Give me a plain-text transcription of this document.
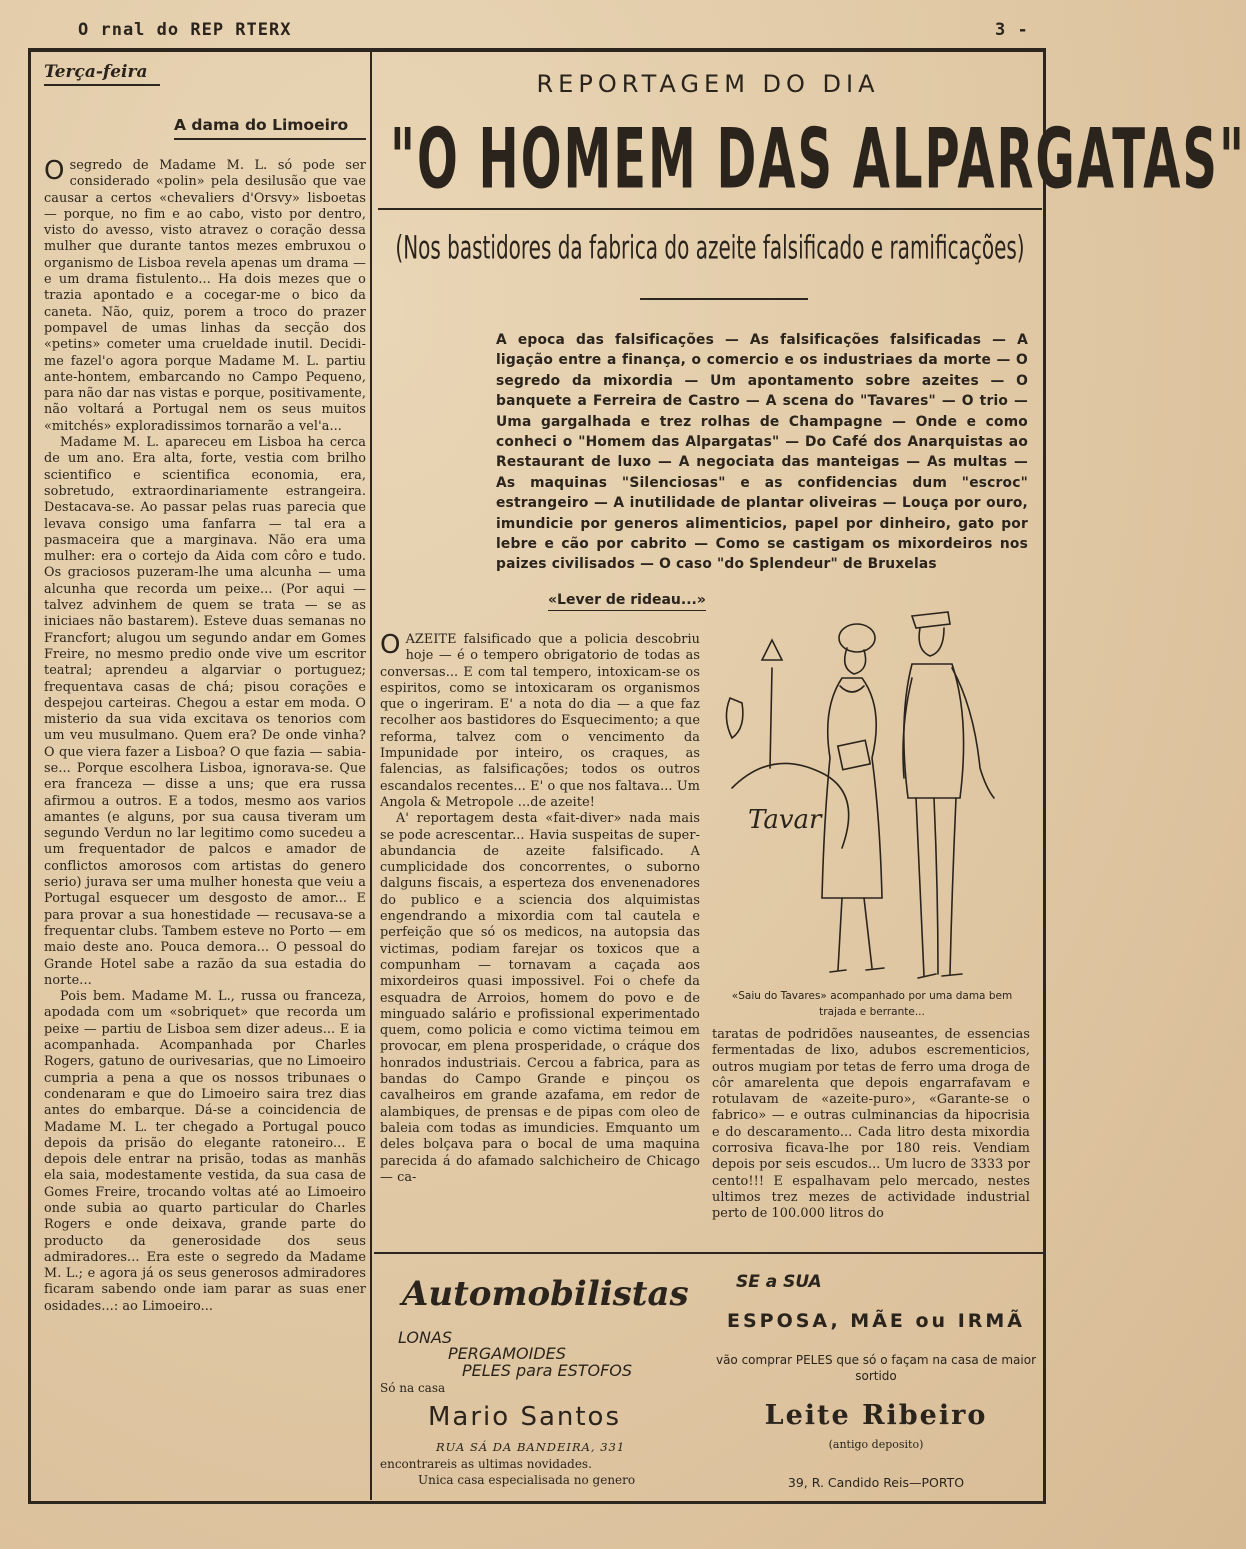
O rnal do REP RTERX	3 -
Terça-feira
A dama do Limoeiro

Osegredo de Madame M. L. só pode ser considerado «polin» pela desilusão que vae causar a certos «chevaliers d'Orsvy» lisboetas — porque, no fim e ao cabo, visto por dentro, visto do avesso, visto atravez o coração dessa mulher que durante tantos mezes embruxou o organismo de Lisboa revela apenas um drama — e um drama fistulento... Ha dois mezes que o trazia apontado e a cocegar-me o bico da caneta. Não, quiz, porem a troco do prazer pompavel de umas linhas da secção dos «petins» cometer uma crueldade inutil. Decidi-me fazel'o agora porque Madame M. L. partiu ante-hontem, embarcando no Campo Pequeno, para não dar nas vistas e porque, positivamente, não voltará a Portugal nem os seus muitos «mitchés» exploradissimos tornarão a vel'a...

Madame M. L. apareceu em Lisboa ha cerca de um ano. Era alta, forte, vestia com brilho scientifico e scientifica economia, era, sobretudo, extraordinariamente estrangeira. Destacava-se. Ao passar pelas ruas parecia que levava consigo uma fanfarra — tal era a pasmaceira que a marginava. Não era uma mulher: era o cortejo da Aida com côro e tudo. Os graciosos puzeram-lhe uma alcunha — uma alcunha que recorda um peixe... (Por aqui — talvez advinhem de quem se trata — se as iniciaes não bastarem). Esteve duas semanas no Francfort; alugou um segundo andar em Gomes Freire, no mesmo predio onde vive um escritor teatral; aprendeu a algarviar o portuguez; frequentava casas de chá; pisou corações e despejou carteiras. Chegou a estar em moda. O misterio da sua vida excitava os tenorios com um veu musulmano. Quem era? De onde vinha? O que viera fazer a Lisboa? O que fazia — sabia-se... Porque escolhera Lisboa, ignorava-se. Que era franceza — disse a uns; que era russa afirmou a outros. E a todos, mesmo aos varios amantes (e alguns, por sua causa tiveram um segundo Verdun no lar legitimo como sucedeu a um frequentador de palcos e amador de conflictos amorosos com artistas do genero serio) jurava ser uma mulher honesta que veiu a Portugal esquecer um desgosto de amor... E para provar a sua honestidade — recusava-se a frequentar clubs. Tambem esteve no Porto — em maio deste ano. Pouca demora... O pessoal do Grande Hotel sabe a razão da sua estadia do norte...

Pois bem. Madame M. L., russa ou franceza, apodada com um «sobriquet» que recorda um peixe — partiu de Lisboa sem dizer adeus... E ia acompanhada. Acompanhada por Charles Rogers, gatuno de ourivesarias, que no Limoeiro cumpria a pena a que os nossos tribunaes o condenaram e que do Limoeiro saira trez dias antes do embarque. Dá-se a coincidencia de Madame M. L. ter chegado a Portugal pouco depois da prisão do elegante ratoneiro... E depois dele entrar na prisão, todas as manhãs ela saia, modestamente vestida, da sua casa de Gomes Freire, trocando voltas até ao Limoeiro onde subia ao quarto particular do Charles Rogers e onde deixava, grande parte do producto da generosidade dos seus admiradores... Era este o segredo da Madame M. L.; e agora já os seus generosos admiradores ficaram sabendo onde iam parar as suas ener osidades...: ao Limoeiro...

REPORTAGEM DO DIA
"O HOMEM DAS ALPARGATAS"
(Nos bastidores da fabrica do azeite falsificado e ramificações)
A epoca das falsificações — As falsificações falsificadas — A ligação entre a finança, o comercio e os industriaes da morte — O segredo da mixordia — Um apontamento sobre azeites — O banquete a Ferreira de Castro — A scena do "Tavares" — O trio — Uma gargalhada e trez rolhas de Champagne — Onde e como conheci o "Homem das Alpargatas" — Do Café dos Anarquistas ao Restaurant de luxo — A negociata das manteigas — As multas — As maquinas "Silenciosas" e as confidencias dum "escroc" estrangeiro — A inutilidade de plantar oliveiras — Louça por ouro, imundicie por generos alimenticios, papel por dinheiro, gato por lebre e cão por cabrito — Como se castigam os mixordeiros nos paizes civilisados — O caso "do Splendeur" de Bruxelas
«Lever de rideau...»

OAZEITE falsificado que a policia descobriu hoje — é o tempero obrigatorio de todas as conversas... E com tal tempero, intoxicam-se os espiritos, como se intoxicaram os organismos que o ingeriram. E' a nota do dia — a que faz recolher aos bastidores do Esquecimento; a que reforma, talvez com o vencimento da Impunidade por inteiro, os craques, as falencias, as falsificações; todos os outros escandalos recentes... E' o que nos faltava... Um Angola & Metropole ...de azeite!

A' reportagem desta «fait-diver» nada mais se pode acrescentar... Havia suspeitas de super-abundancia de azeite falsificado. A cumplicidade dos concorrentes, o suborno dalguns fiscais, a esperteza dos envenenadores do publico e a sciencia dos alquimistas engendrando a mixordia com tal cautela e perfeição que só os medicos, na autopsia das victimas, podiam farejar os toxicos que a compunham — tornavam a caçada aos mixordeiros quasi impossivel. Foi o chefe da esquadra de Arroios, homem do povo e de minguado salário e profissional experimentado quem, como policia e como victima teimou em provocar, em plena prosperidade, o cráque dos honrados industriais. Cercou a fabrica, para as bandas do Campo Grande e pinçou os cavalheiros em grande azafama, em redor de alambiques, de prensas e de pipas com oleo de baleia com todas as imundicies. Emquanto um deles bolçava para o bocal de uma maquina parecida á do afamado salchicheiro de Chicago — ca-

Tavar
«Saiu do Tavares» acompanhado por uma dama bem trajada e berrante...
taratas de podridões nauseantes, de essencias fermentadas de lixo, adubos escrementicios, outros mugiam por tetas de ferro uma droga de côr amarelenta que depois engarrafavam e rotulavam de «azeite-puro», «Garante-se o fabrico» — e outras culminancias da hipocrisia e do descaramento... Cada litro desta mixordia corrosiva ficava-lhe por 180 reis. Vendiam depois por seis escudos... Um lucro de 3333 por cento!!! E espalhavam pelo mercado, nestes ultimos trez mezes de actividade industrial perto de 100.000 litros do
Automobilistas
LONAS
PERGAMOIDES
PELES para ESTOFOS
Só na casa
Mario Santos
RUA SÁ DA BANDEIRA, 331
encontrareis as ultimas novidades.
Unica casa especialisada no genero
SE a SUA
ESPOSA, MÃE ou IRMÃ
vão comprar PELES que só o façam na casa de maior sortido
Leite Ribeiro
(antigo deposito)
39, R. Candido Reis—PORTO
